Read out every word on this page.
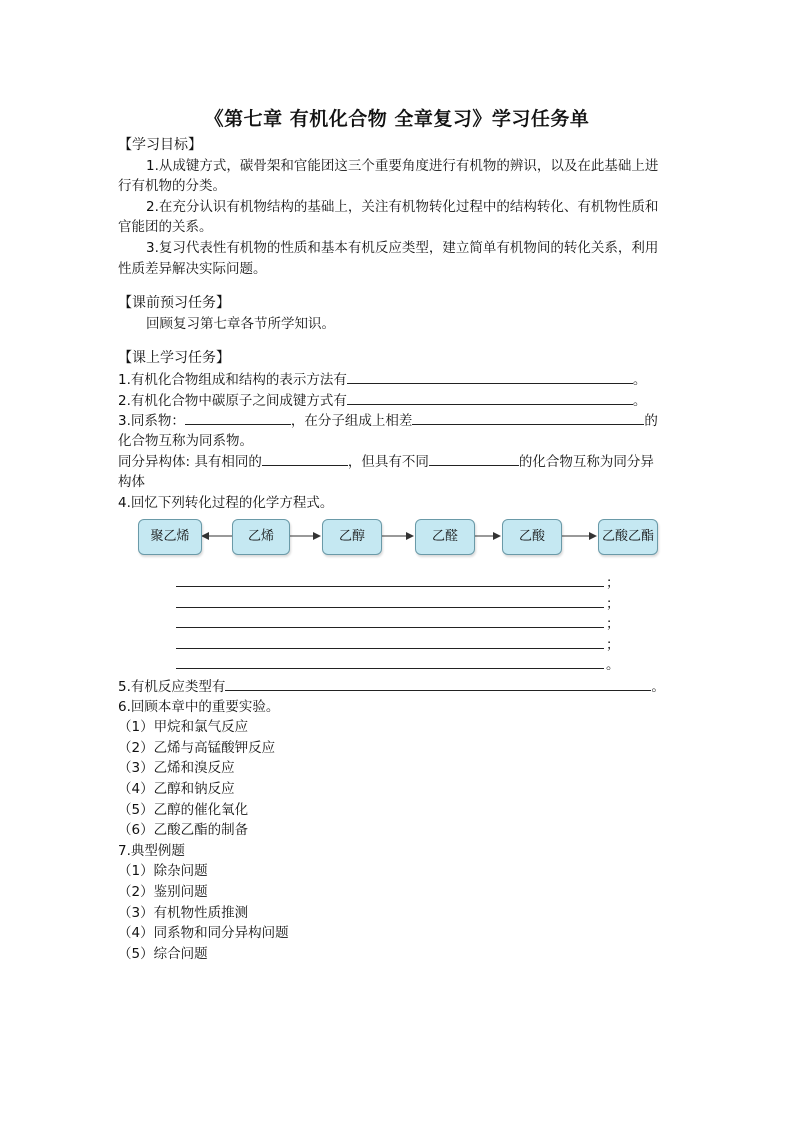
《第七章 有机化合物 全章复习》学习任务单
【学习目标】
1.从成键方式，碳骨架和官能团这三个重要角度进行有机物的辨识，以及在此基础上进
行有机物的分类。
2.在充分认识有机物结构的基础上，关注有机物转化过程中的结构转化、有机物性质和
官能团的关系。
3.复习代表性有机物的性质和基本有机反应类型，建立简单有机物间的转化关系，利用
性质差异解决实际问题。
【课前预习任务】
回顾复习第七章各节所学知识。
【课上学习任务】
1.有机化合物组成和结构的表示方法有	。
2.有机化合物中碳原子之间成键方式有	。
3.同系物：	，在分子组成上相差	的
化合物互称为同系物。
同分异构体: 具有相同的	，但具有不同	的化合物互称为同分异
构体
4.回忆下列转化过程的化学方程式。
聚乙烯	乙烯	乙醇	乙醛	乙酸	乙酸乙酯
；
；
；
；
。
5.有机反应类型有	。
6.回顾本章中的重要实验。
（1）甲烷和氯气反应
（2）乙烯与高锰酸钾反应
（3）乙烯和溴反应
（4）乙醇和钠反应
（5）乙醇的催化氧化
（6）乙酸乙酯的制备
7.典型例题
（1）除杂问题
（2）鉴别问题
（3）有机物性质推测
（4）同系物和同分异构问题
（5）综合问题
